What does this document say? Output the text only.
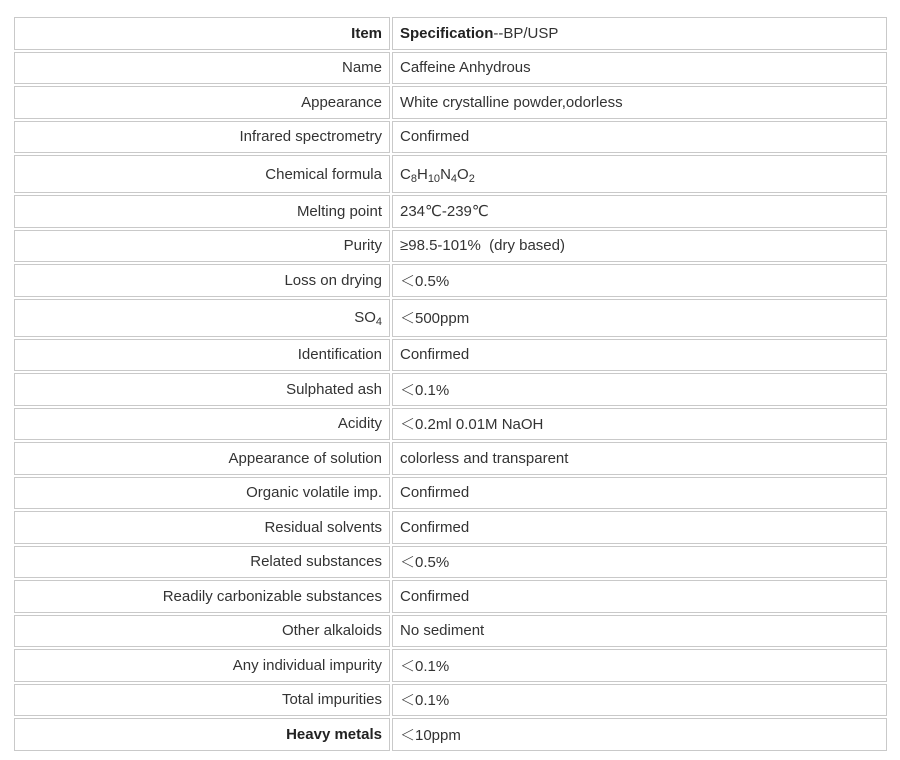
Item	Specification --BP/USP
Name	Caffeine Anhydrous
Appearance	White crystalline powder,odorless
Infrared spectrometry	Confirmed
Chemical formula	$C_8H_{10}N_4O_2$
Melting point	234℃-239℃
Purity	≥98.5-101%  (dry based)
Loss on drying	＜0.5%
$SO_4$	＜500ppm
Identification	Confirmed
Sulphated ash	＜0.1%
Acidity	＜0.2ml 0.01M NaOH
Appearance of solution	colorless and transparent
Organic volatile imp.	Confirmed
Residual solvents	Confirmed
Related substances	＜0.5%
Readily carbonizable substances	Confirmed
Other alkaloids	No sediment
Any individual impurity	＜0.1%
Total impurities	＜0.1%
Heavy metals	＜10ppm
